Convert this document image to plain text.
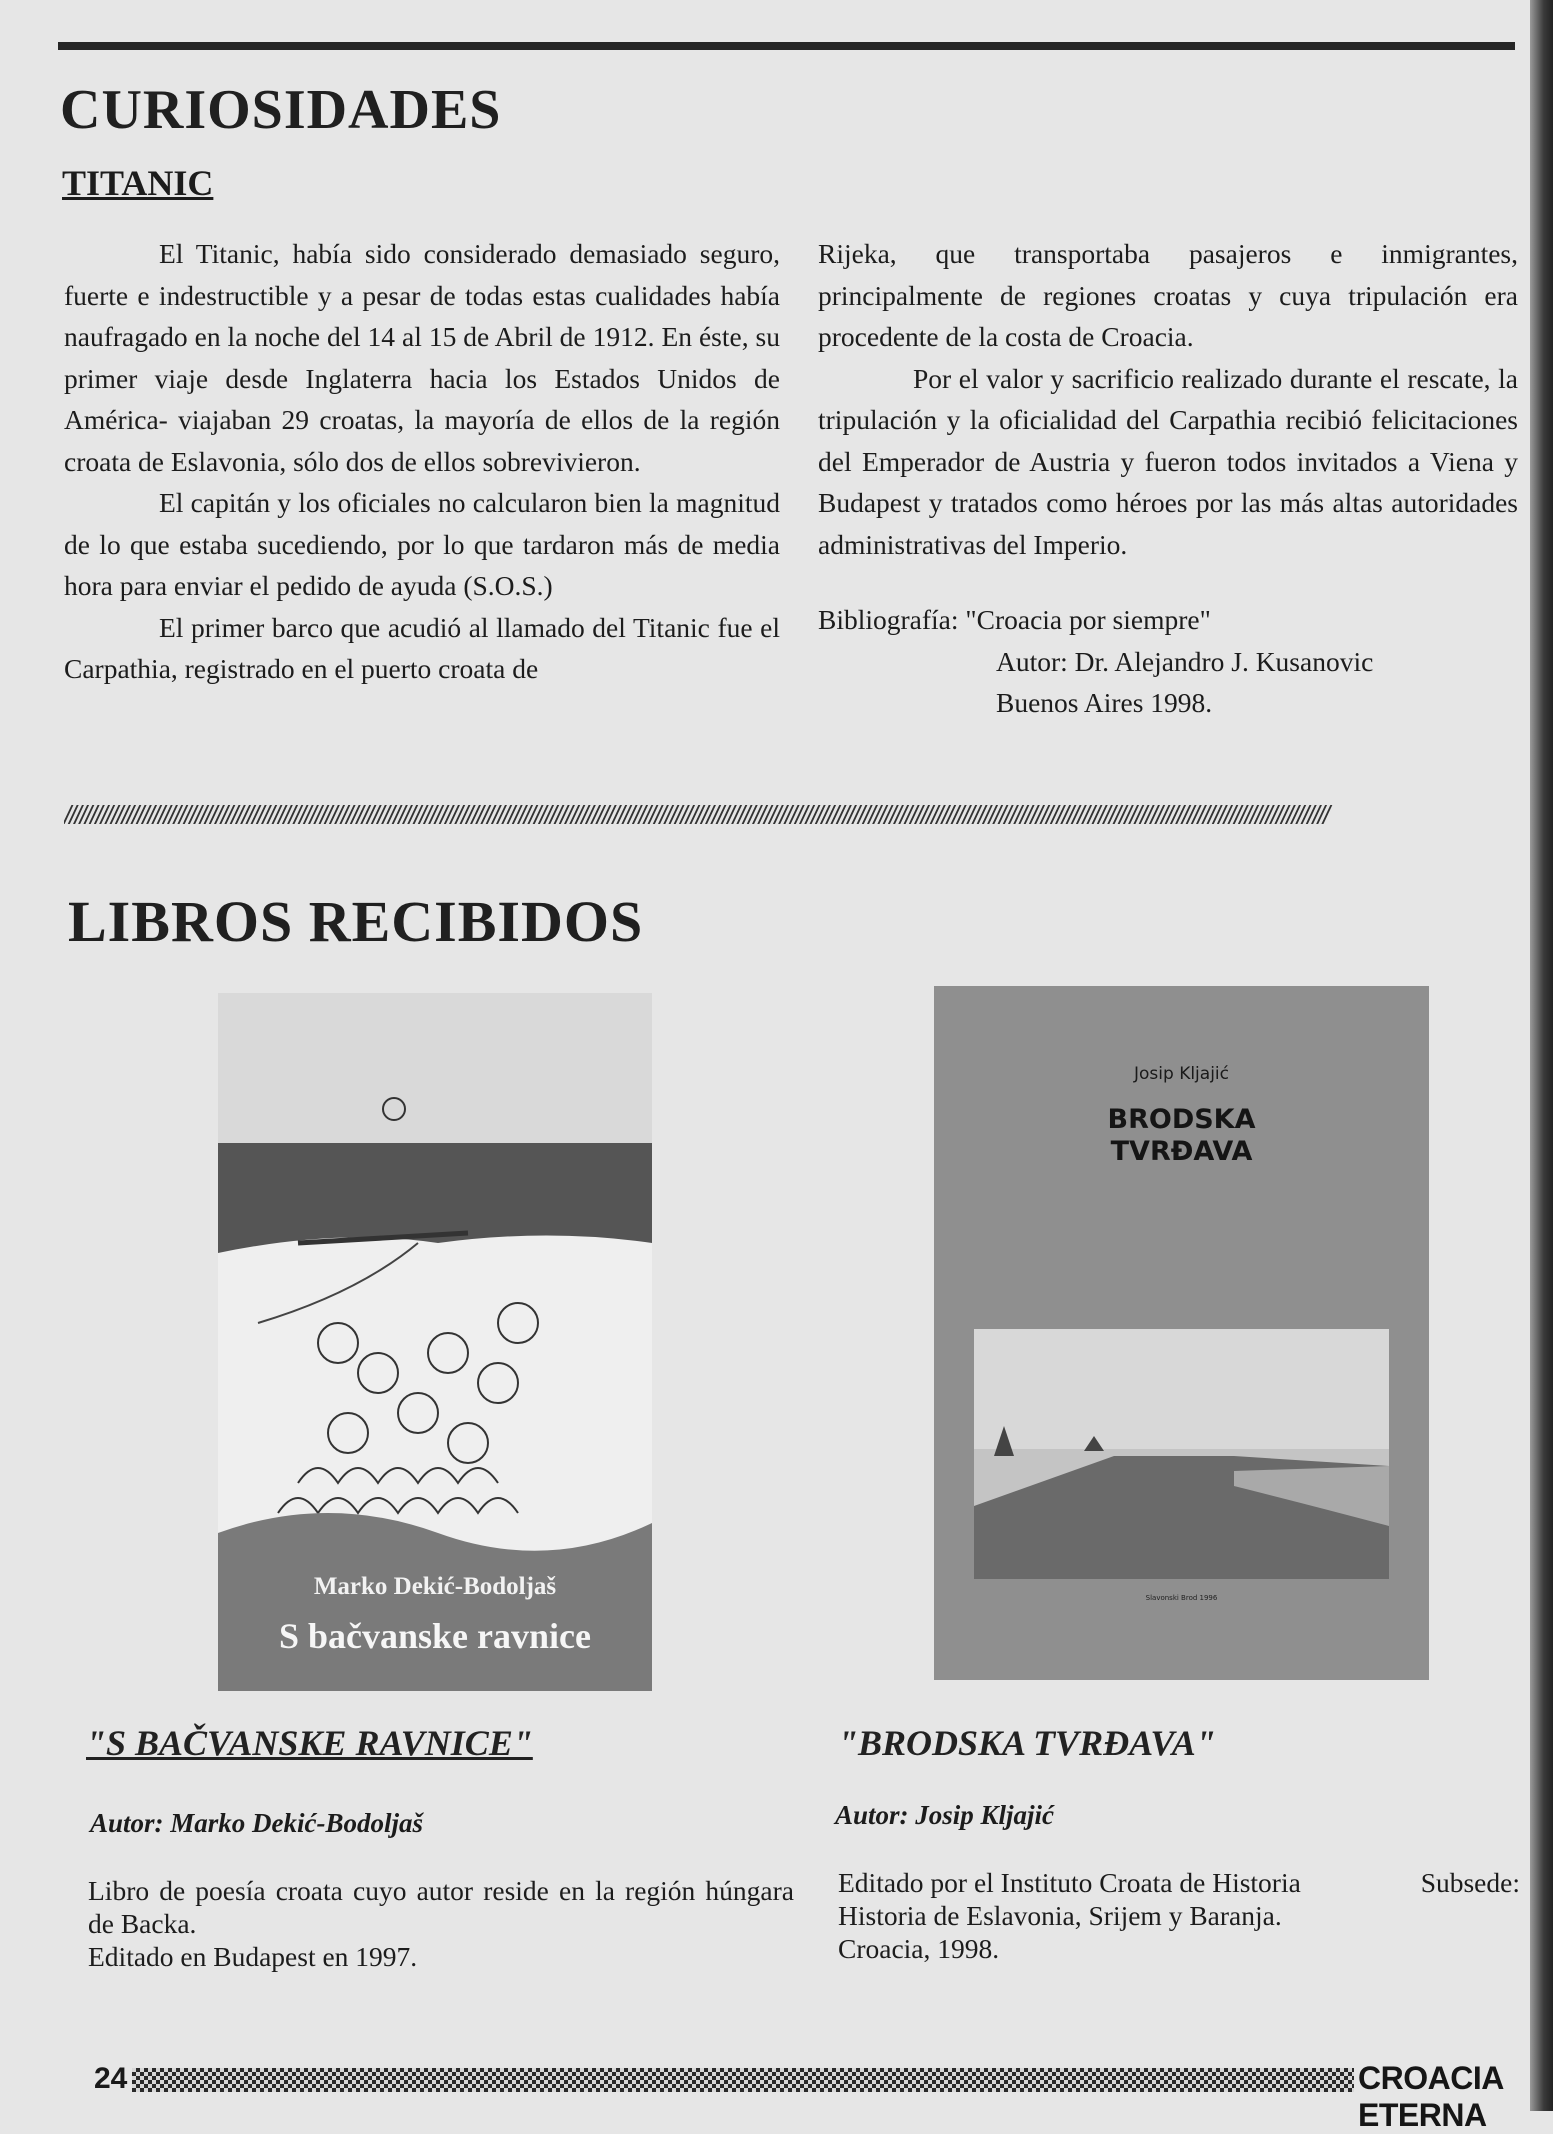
CURIOSIDADES
TITANIC

El Titanic, había sido considerado demasiado seguro, fuerte e indestructible y a pesar de todas estas cualidades había naufragado en la noche del 14 al 15 de Abril de 1912. En éste, su primer viaje desde Inglaterra hacia los Estados Unidos de América- viajaban 29 croatas, la mayoría de ellos de la región croata de Eslavonia, sólo dos de ellos sobrevivieron.

El capitán y los oficiales no calcularon bien la magnitud de lo que estaba sucediendo, por lo que tardaron más de media hora para enviar el pedido de ayuda (S.O.S.)

El primer barco que acudió al llamado del Titanic fue el Carpathia, registrado en el puerto croata de

Rijeka, que transportaba pasajeros e inmigrantes, principalmente de regiones croatas y cuya tripulación era procedente de la costa de Croacia.

Por el valor y sacrificio realizado durante el rescate, la tripulación y la oficialidad del Carpathia recibió felicitaciones del Emperador de Austria y fueron todos invitados a Viena y Budapest y tratados como héroes por las más altas autoridades administrativas del Imperio.

Bibliografía: "Croacia por siempre"
Autor: Dr. Alejandro J. Kusanovic
Buenos Aires 1998.

//////////////////////////////////////////////////////////////////////////////////////////////////////////////////////////////////////////////////////////////////////////////////////////////////////////////////////////////////////////////////
LIBROS RECIBIDOS
Marko Dekić-Bodoljaš
S bačvanske ravnice
Josip Kljajić
BRODSKA
TVRĐAVA
Slavonski Brod 1996

"S BAČVANSKE RAVNICE"	"BRODSKA TVRĐAVA"

Autor: Marko Dekić-Bodoljaš	Autor: Josip Kljajić

Libro de poesía croata cuyo autor reside en la región húngara de Backa.
Editado en Budapest en 1997.
Editado por el Instituto Croata de Historia	Subsede:
Historia de Eslavonia, Srijem y Baranja.
Croacia, 1998.
24	CROACIA ETERNA
